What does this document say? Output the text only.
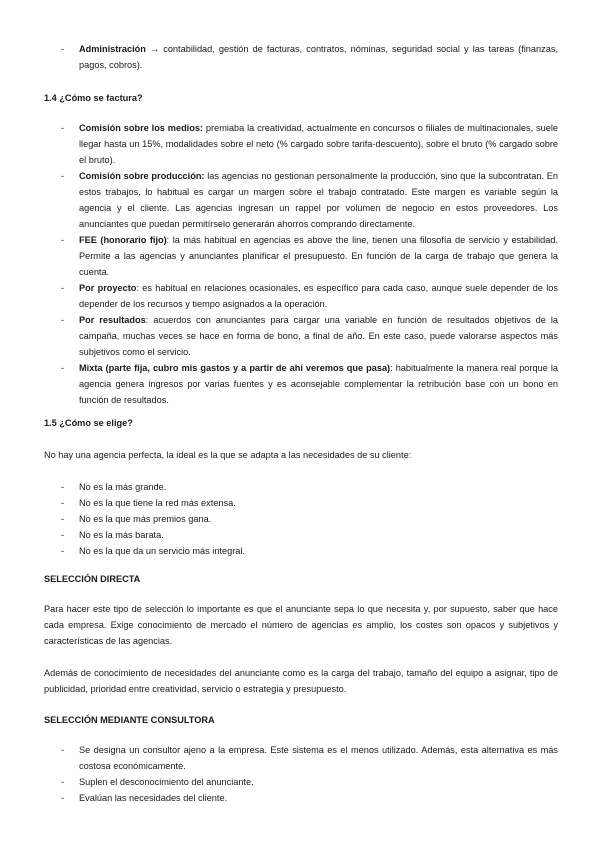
- Administración → contabilidad, gestión de facturas, contratos, nóminas, seguridad social y las tareas (finanzas, pagos, cobros).
1.4 ¿Cómo se factura?
- Comisión sobre los medios: premiaba la creatividad, actualmente en concursos o filiales de multinacionales, suele llegar hasta un 15%, modalidades sobre el neto (% cargado sobre tarifa-descuento), sobre el bruto (% cargado sobre el bruto).
- Comisión sobre producción: las agencias no gestionan personalmente la producción, sino que la subcontratan. En estos trabajos, lo habitual es cargar un margen sobre el trabajo contratado. Este margen es variable según la agencia y el cliente. Las agencias ingresan un rappel por volumen de negocio en estos proveedores. Los anunciantes que puedan permitírselo generarán ahorros comprando directamente.
- FEE (honorario fijo): la más habitual en agencias es above the line, tienen una filosofía de servicio y estabilidad. Permite a las agencias y anunciantes planificar el presupuesto. En función de la carga de trabajo que genera la cuenta.
- Por proyecto: es habitual en relaciones ocasionales, es específico para cada caso, aunque suele depender de los depender de los recursos y tiempo asignados a la operación.
- Por resultados: acuerdos con anunciantes para cargar una variable en función de resultados objetivos de la campaña, muchas veces se hace en forma de bono, a final de año. En este caso, puede valorarse aspectos más subjetivos como el servicio.
- Mixta (parte fija, cubro mis gastos y a partir de ahí veremos que pasa): habitualmente la manera real porque la agencia genera ingresos por varias fuentes y es aconsejable complementar la retribución base con un bono en función de resultados.
1.5 ¿Cómo se elige?
No hay una agencia perfecta, la ideal es la que se adapta a las necesidades de su cliente:
- No es la más grande.
- No es la que tiene la red más extensa.
- No es la que más premios gana.
- No es la más barata.
- No es la que da un servicio más integral.
SELECCIÓN DIRECTA
Para hacer este tipo de selección lo importante es que el anunciante sepa lo que necesita y, por supuesto, saber que hace cada empresa. Exige conocimiento de mercado el número de agencias es amplio, los costes son opacos y subjetivos y características de las agencias.
Además de conocimiento de necesidades del anunciante como es la carga del trabajo, tamaño del equipo a asignar, tipo de publicidad, prioridad entre creatividad, servicio o estrategia y presupuesto.
SELECCIÓN MEDIANTE CONSULTORA
- Se designa un consultor ajeno a la empresa. Este sistema es el menos utilizado. Además, esta alternativa es más costosa económicamente.
- Suplen el desconocimiento del anunciante.
- Evalúan las necesidades del cliente.
